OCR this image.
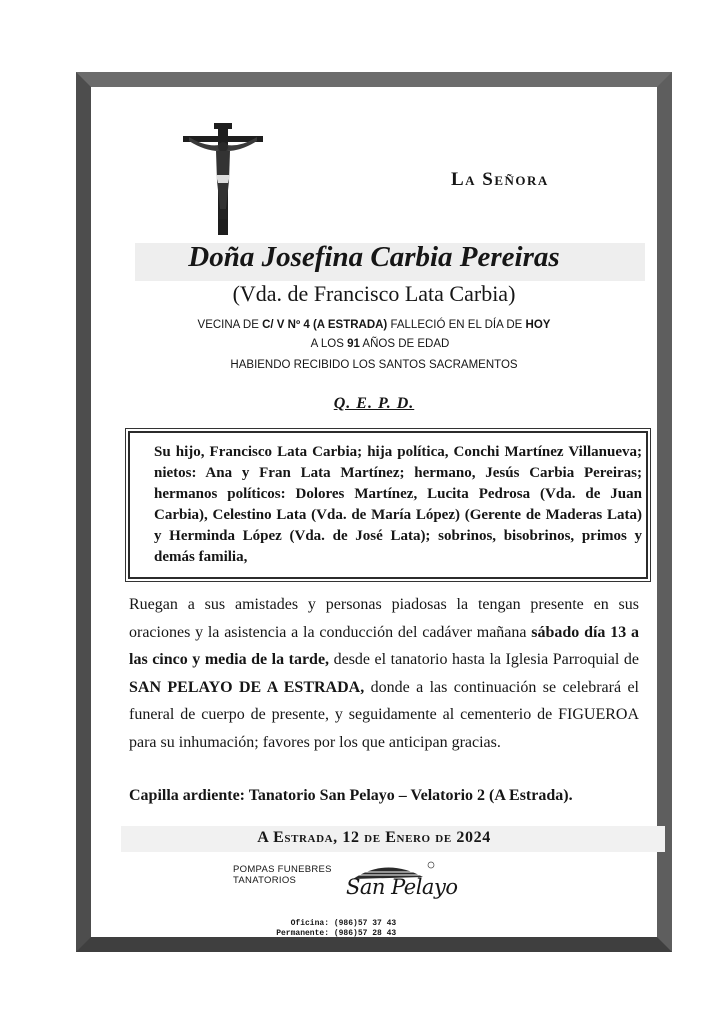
La Señora
Doña Josefina Carbia Pereiras
(Vda. de Francisco Lata Carbia)
VECINA DE C/ V Nº 4 (A ESTRADA) FALLECIÓ EN EL DÍA DE HOY
A LOS 91 AÑOS DE EDAD
HABIENDO RECIBIDO LOS SANTOS SACRAMENTOS
Q. E. P. D.
Su hijo, Francisco Lata Carbia; hija política, Conchi Martínez Villanueva; nietos: Ana y Fran Lata Martínez; hermano, Jesús Carbia Pereiras; hermanos políticos: Dolores Martínez, Lucita Pedrosa (Vda. de Juan Carbia), Celestino Lata (Vda. de María López) (Gerente de Maderas Lata) y Herminda López (Vda. de José Lata); sobrinos, bisobrinos, primos y demás familia,
Ruegan a sus amistades y personas piadosas la tengan presente en sus oraciones y la asistencia a la conducción del cadáver mañana sábado día 13 a las cinco y media de la tarde, desde el tanatorio hasta la Iglesia Parroquial de SAN PELAYO DE A ESTRADA, donde a las continuación se celebrará el funeral de cuerpo de presente, y seguidamente al cementerio de FIGUEROA para su inhumación; favores por los que anticipan gracias.
Capilla ardiente: Tanatorio San Pelayo – Velatorio 2 (A Estrada).
A Estrada, 12 de Enero de 2024
POMPAS FUNEBRES
TANATORIOS	San Pelayo
Oficina: (986)57 37 43
Permanente: (986)57 28 43
